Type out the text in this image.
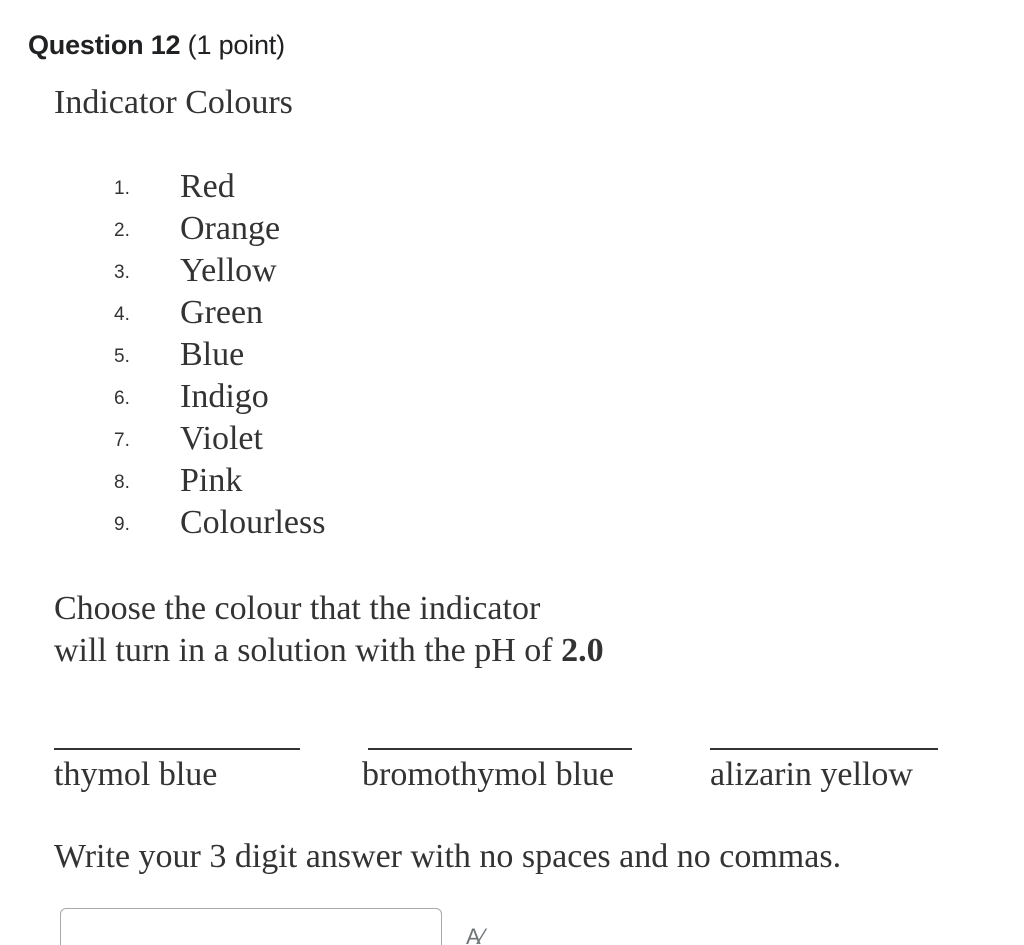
Question 12 (1 point)
Indicator Colours
1.	Red
2.	Orange
3.	Yellow
4.	Green
5.	Blue
6.	Indigo
7.	Violet
8.	Pink
9.	Colourless
Choose the colour that the indicator
will turn in a solution with the pH of 2.0
thymol blue	bromothymol blue	alizarin yellow
Write your 3 digit answer with no spaces and no commas.
A⁄
